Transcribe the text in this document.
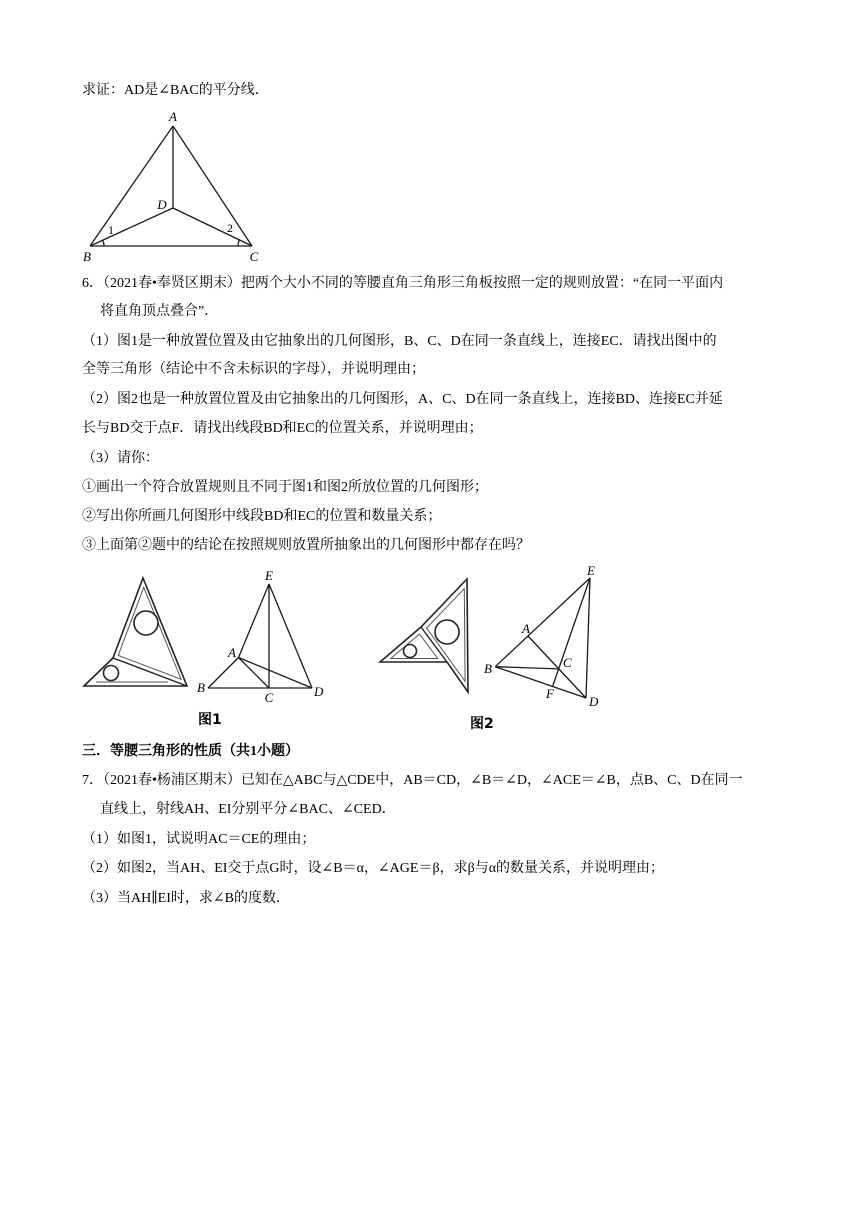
求证：AD是∠BAC的平分线．
A
D
B	C
1	2
6．（2021春•奉贤区期末）把两个大小不同的等腰直角三角形三角板按照一定的规则放置：“在同一平面内
将直角顶点叠合”．
（1）图1是一种放置位置及由它抽象出的几何图形，B、C、D在同一条直线上，连接EC．请找出图中的
全等三角形（结论中不含未标识的字母），并说明理由；
（2）图2也是一种放置位置及由它抽象出的几何图形，A、C、D在同一条直线上，连接BD、连接EC并延
长与BD交于点F．请找出线段BD和EC的位置关系，并说明理由；
（3）请你：
①画出一个符合放置规则且不同于图1和图2所放位置的几何图形；
②写出你所画几何图形中线段BD和EC的位置和数量关系；
③上面第②题中的结论在按照规则放置所抽象出的几何图形中都存在吗？
E
A
B
C	D
图1
E
A
B	C
F
D
图2
三．等腰三角形的性质（共1小题）
7．（2021春•杨浦区期末）已知在△ABC与△CDE中，AB＝CD，∠B＝∠D，∠ACE＝∠B，点B、C、D在同一
直线上，射线AH、EI分别平分∠BAC、∠CED．
（1）如图1，试说明AC＝CE的理由；
（2）如图2，当AH、EI交于点G时，设∠B＝α，∠AGE＝β，求β与α的数量关系，并说明理由；
（3）当AH∥EI时，求∠B的度数．
